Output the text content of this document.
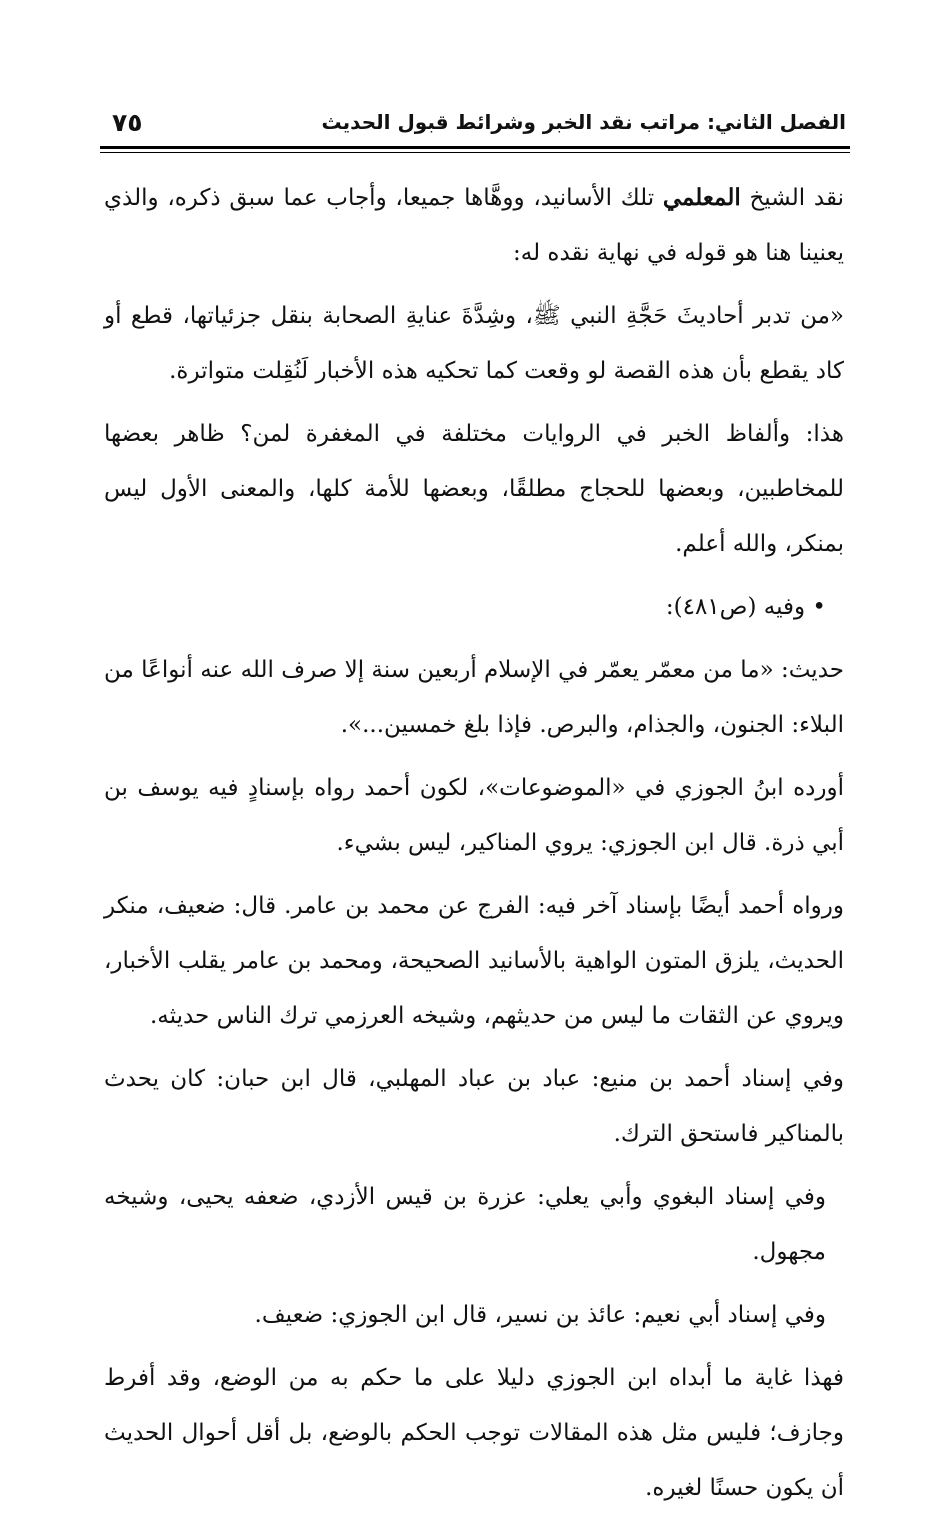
٧٥	الفصل الثاني: مراتب نقد الخبر وشرائط قبول الحديث

نقد الشيخ المعلمي تلك الأسانيد، ووهَّاها جميعا، وأجاب عما سبق ذكره، والذي يعنينا هنا هو قوله في نهاية نقده له:

«من تدبر أحاديثَ حَجَّةِ النبي ﷺ، وشِدَّةَ عنايةِ الصحابة بنقل جزئياتها، قطع أو كاد يقطع بأن هذه القصة لو وقعت كما تحكيه هذه الأخبار لَنُقِلت متواترة.

هذا: وألفاظ الخبر في الروايات مختلفة في المغفرة لمن؟ ظاهر بعضها للمخاطبين، وبعضها للحجاج مطلقًا، وبعضها للأمة كلها، والمعنى الأول ليس بمنكر، والله أعلم.

• وفيه (ص٤٨١):

حديث: «ما من معمّر يعمّر في الإسلام أربعين سنة إلا صرف الله عنه أنواعًا من البلاء: الجنون، والجذام، والبرص. فإذا بلغ خمسين...».

أورده ابنُ الجوزي في «الموضوعات»، لكون أحمد رواه بإسنادٍ فيه يوسف بن أبي ذرة. قال ابن الجوزي: يروي المناكير، ليس بشيء.

ورواه أحمد أيضًا بإسناد آخر فيه: الفرج عن محمد بن عامر. قال: ضعيف، منكر الحديث، يلزق المتون الواهية بالأسانيد الصحيحة، ومحمد بن عامر يقلب الأخبار، ويروي عن الثقات ما ليس من حديثهم، وشيخه العرزمي ترك الناس حديثه.

وفي إسناد أحمد بن منيع: عباد بن عباد المهلبي، قال ابن حبان: كان يحدث بالمناكير فاستحق الترك.

وفي إسناد البغوي وأبي يعلي: عزرة بن قيس الأزدي، ضعفه يحيى، وشيخه مجهول.

وفي إسناد أبي نعيم: عائذ بن نسير، قال ابن الجوزي: ضعيف.

فهذا غاية ما أبداه ابن الجوزي دليلا على ما حكم به من الوضع، وقد أفرط وجازف؛ فليس مثل هذه المقالات توجب الحكم بالوضع، بل أقل أحوال الحديث أن يكون حسنًا لغيره.
